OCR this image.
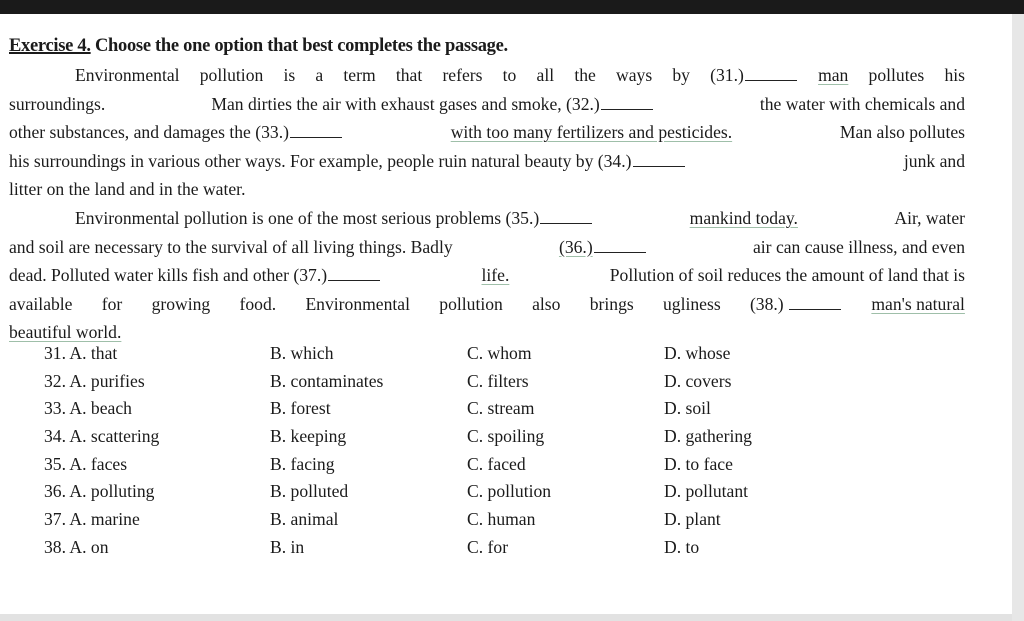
Exercise 4. Choose the one option that best completes the passage.
Environmental pollution is a term that refers to all the ways by (31.)	man pollutes his
surroundings.	Man dirties the air with exhaust gases and smoke, (32.)	the water with chemicals and
other substances, and damages the (33.)	with too many fertilizers and pesticides.	Man also pollutes
his surroundings in various other ways. For example, people ruin natural beauty by (34.)	junk and
litter on the land and in the water.
Environmental pollution is one of the most serious problems (35.)	mankind today.	Air, water
and soil are necessary to the survival of all living things. Badly	(36.)	air can cause illness, and even
dead. Polluted water kills fish and other (37.)	life.	Pollution of soil reduces the amount of land that is
available for growing food. Environmental pollution also brings ugliness (38.)	man's natural
beautiful world.
31. A. that	B. which	C. whom	D. whose
32. A. purifies	B. contaminates	C. filters	D. covers
33. A. beach	B. forest	C. stream	D. soil
34. A. scattering	B. keeping	C. spoiling	D. gathering
35. A. faces	B. facing	C. faced	D. to face
36. A. polluting	B. polluted	C. pollution	D. pollutant
37. A. marine	B. animal	C. human	D. plant
38. A. on	B. in	C. for	D. to
